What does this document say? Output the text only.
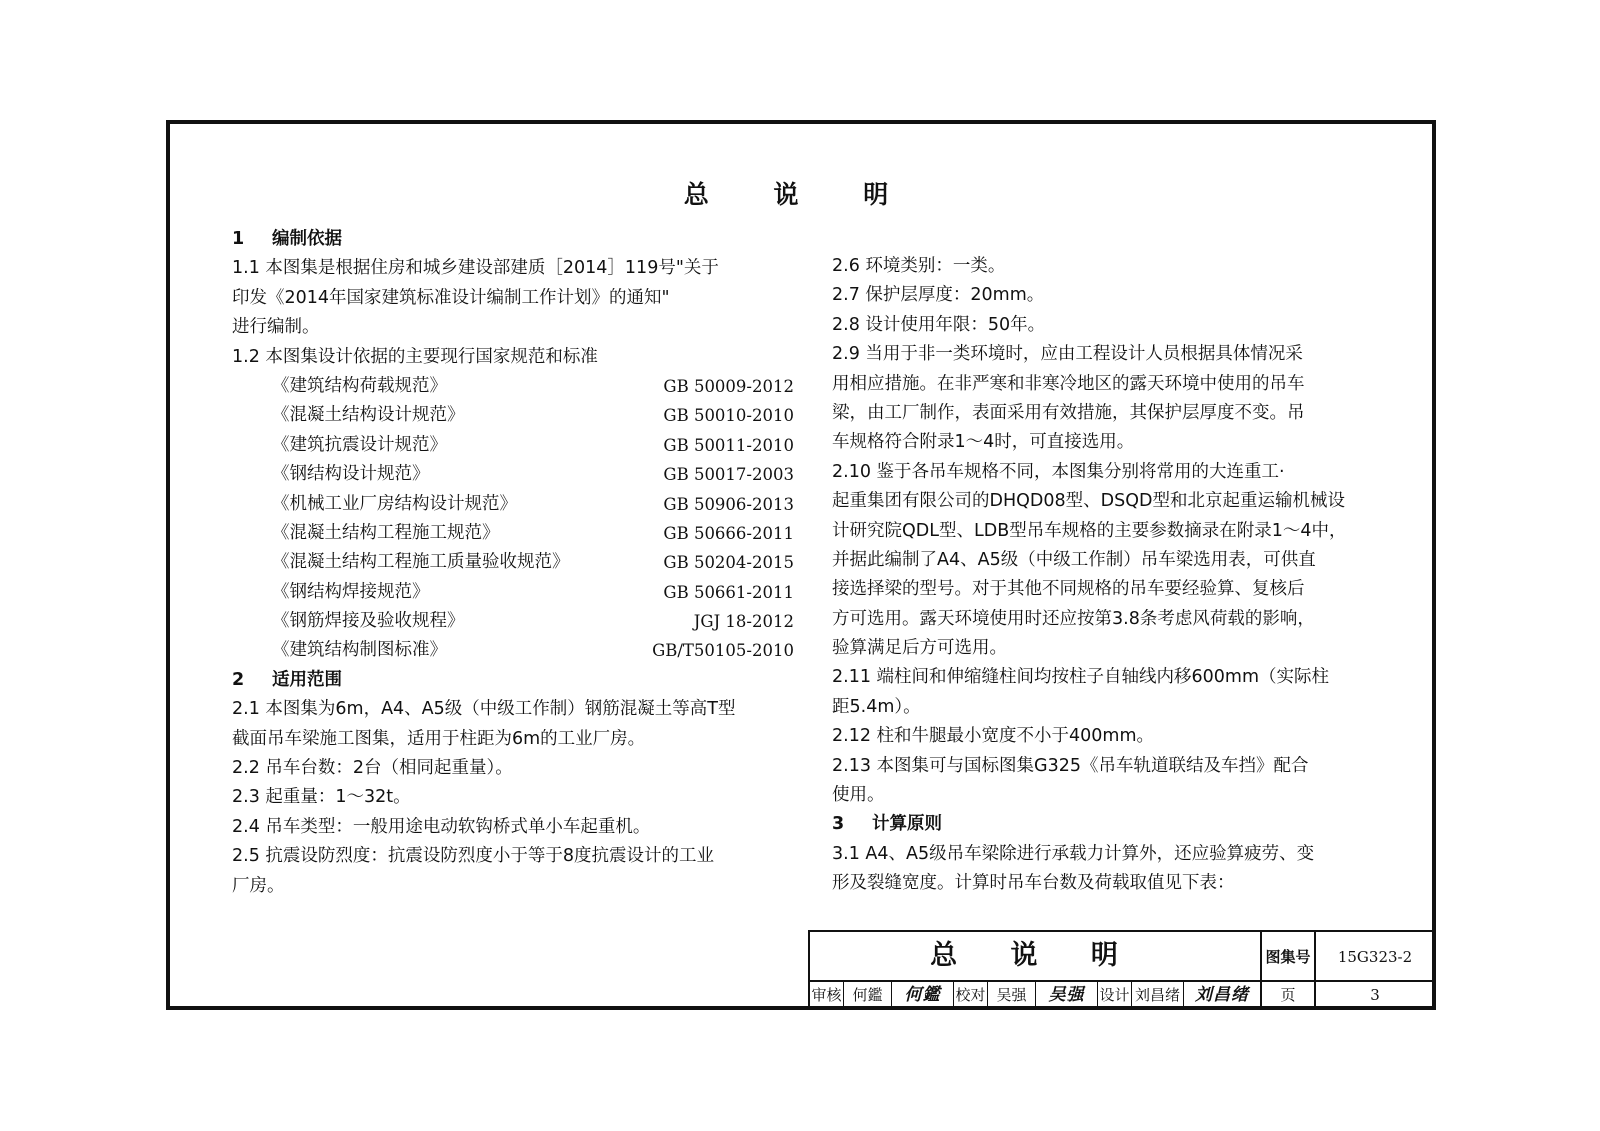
总 说 明
1 编制依据
1.1 本图集是根据住房和城乡建设部建质［2014］119号"关于
印发《2014年国家建筑标准设计编制工作计划》的通知"
进行编制。
1.2 本图集设计依据的主要现行国家规范和标准
《建筑结构荷载规范》	GB 50009-2012
《混凝土结构设计规范》	GB 50010-2010
《建筑抗震设计规范》	GB 50011-2010
《钢结构设计规范》	GB 50017-2003
《机械工业厂房结构设计规范》	GB 50906-2013
《混凝土结构工程施工规范》	GB 50666-2011
《混凝土结构工程施工质量验收规范》	GB 50204-2015
《钢结构焊接规范》	GB 50661-2011
《钢筋焊接及验收规程》	JGJ 18-2012
《建筑结构制图标准》	GB/T50105-2010
2 适用范围
2.1 本图集为6m，A4、A5级（中级工作制）钢筋混凝土等高T型
截面吊车梁施工图集，适用于柱距为6m的工业厂房。
2.2 吊车台数：2台（相同起重量）。
2.3 起重量：1～32t。
2.4 吊车类型：一般用途电动软钩桥式单小车起重机。
2.5 抗震设防烈度：抗震设防烈度小于等于8度抗震设计的工业
厂房。
2.6 环境类别：一类。
2.7 保护层厚度：20mm。
2.8 设计使用年限：50年。
2.9 当用于非一类环境时，应由工程设计人员根据具体情况采
用相应措施。在非严寒和非寒冷地区的露天环境中使用的吊车
梁，由工厂制作，表面采用有效措施，其保护层厚度不变。吊
车规格符合附录1～4时，可直接选用。
2.10 鉴于各吊车规格不同，本图集分别将常用的大连重工·
起重集团有限公司的DHQD08型、DSQD型和北京起重运输机械设
计研究院QDL型、LDB型吊车规格的主要参数摘录在附录1～4中，
并据此编制了A4、A5级（中级工作制）吊车梁选用表，可供直
接选择梁的型号。对于其他不同规格的吊车要经验算、复核后
方可选用。露天环境使用时还应按第3.8条考虑风荷载的影响，
验算满足后方可选用。
2.11 端柱间和伸缩缝柱间均按柱子自轴线内移600mm（实际柱
距5.4m）。
2.12 柱和牛腿最小宽度不小于400mm。
2.13 本图集可与国标图集G325《吊车轨道联结及车挡》配合
使用。
3 计算原则
3.1 A4、A5级吊车梁除进行承载力计算外，还应验算疲劳、变
形及裂缝宽度。计算时吊车台数及荷载取值见下表：
总 说 明	图集号	15G323-2
审核 何鑑	何鑑 校对 吴强	吴强 设计 刘昌绪 刘昌绪	页	3
